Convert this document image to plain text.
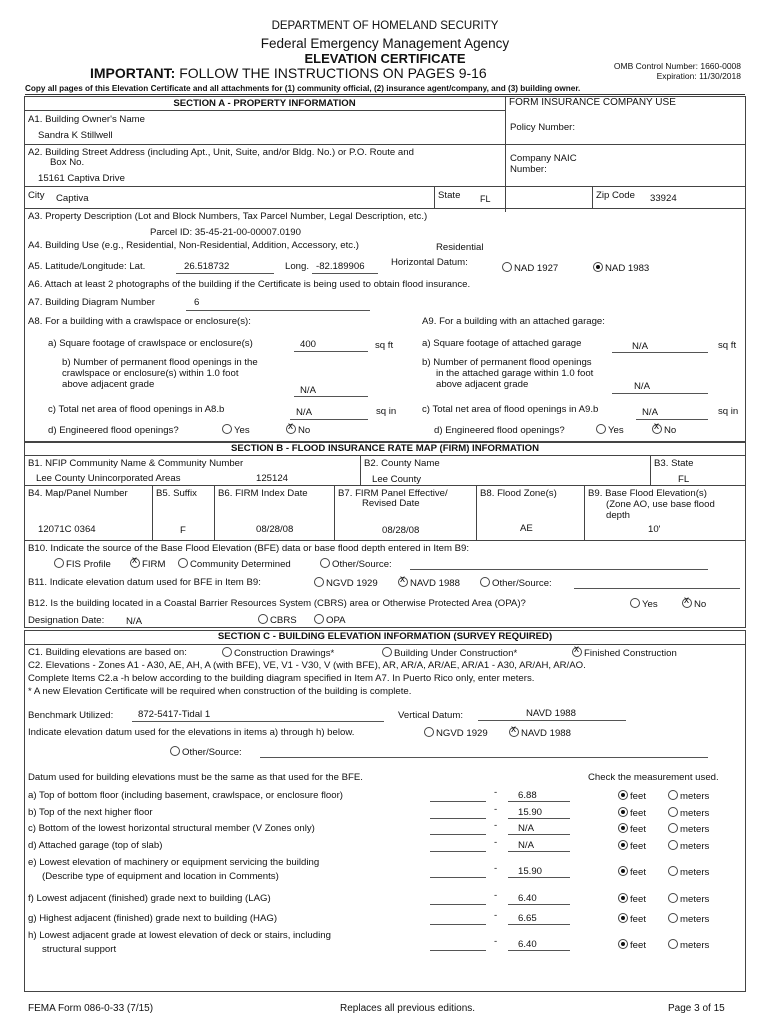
DEPARTMENT OF HOMELAND SECURITY
Federal Emergency Management Agency
ELEVATION CERTIFICATE
IMPORTANT: FOLLOW THE INSTRUCTIONS ON PAGES 9-16	OMB Control Number: 1660-0008
Expiration: 11/30/2018
Copy all pages of this Elevation Certificate and all attachments for (1) community official, (2) insurance agent/company, and (3) building owner.
SECTION A - PROPERTY INFORMATION	FORM INSURANCE COMPANY USE
A1. Building Owner's Name
Sandra K Stillwell
Policy Number:
A2. Building Street Address (including Apt., Unit, Suite, and/or Bldg. No.) or P.O. Route and
Box No.
15161 Captiva Drive
Company NAIC
Number:
City Captiva	State FL	Zip Code 33924
A3. Property Description (Lot and Block Numbers, Tax Parcel Number, Legal Description, etc.)
Parcel ID: 35-45-21-00-00007.0190
A4. Building Use (e.g., Residential, Non-Residential, Addition, Accessory, etc.)	Residential
A5. Latitude/Longitude: Lat.	26.518732	Long. -82.189906	Horizontal Datum:
NAD 1927	NAD 1983
A6. Attach at least 2 photographs of the building if the Certificate is being used to obtain flood insurance.
A7. Building Diagram Number	6
A8. For a building with a crawlspace or enclosure(s):	A9. For a building with an attached garage:
a) Square footage of crawlspace or enclosure(s)	400	sq ft
b) Number of permanent flood openings in the
crawlspace or enclosure(s) within 1.0 foot
above adjacent grade
N/A
c) Total net area of flood openings in A8.b	N/A	sq in
d) Engineered flood openings?	Yes x	No
a) Square footage of attached garage	N/A	sq ft
b) Number of permanent flood openings
in the attached garage within 1.0 foot
above adjacent grade	N/A
c) Total net area of flood openings in A9.b	N/A	sq in
d) Engineered flood openings?	Yes x	No
SECTION B - FLOOD INSURANCE RATE MAP (FIRM) INFORMATION
B1. NFIP Community Name & Community Number
Lee County Unincorporated Areas	125124
B2. County Name
Lee County
B3. State
FL
B4. Map/Panel Number
12071C 0364
B5. Suffix
F
B6. FIRM Index Date
08/28/08
B7. FIRM Panel Effective/
Revised Date
08/28/08
B8. Flood Zone(s)
AE
B9. Base Flood Elevation(s)
(Zone AO, use base flood
depth
10'
B10. Indicate the source of the Base Flood Elevation (BFE) data or base flood depth entered in Item B9:
FIS Profile x	FIRM	Community Determined	Other/Source:
B11. Indicate elevation datum used for BFE in Item B9:	NGVD 1929 x	NAVD 1988	Other/Source:
B12. Is the building located in a Coastal Barrier Resources System (CBRS) area or Otherwise Protected Area (OPA)?	Yes x	No
Designation Date: N/A	CBRS	OPA
SECTION C - BUILDING ELEVATION INFORMATION (SURVEY REQUIRED)
C1. Building elevations are based on:	Construction Drawings*	Building Under Construction* x	Finished Construction
C2. Elevations - Zones A1 - A30, AE, AH, A (with BFE), VE, V1 - V30, V (with BFE), AR, AR/A, AR/AE, AR/A1 - A30, AR/AH, AR/AO.
Complete Items C2.a -h below according to the building diagram specified in Item A7. In Puerto Rico only, enter meters.
* A new Elevation Certificate will be required when construction of the building is complete.
Benchmark Utilized:	872-5417-Tidal 1	Vertical Datum:	NAVD 1988
Indicate elevation datum used for the elevations in items a) through h) below.	NGVD 1929 x	NAVD 1988
Other/Source:
Datum used for building elevations must be the same as that used for the BFE.	Check the measurement used.
a) Top of bottom floor (including basement, crawlspace, or enclosure floor)	- 6.88	feet	meters
b) Top of the next higher floor	- 15.90	feet	meters
c) Bottom of the lowest horizontal structural member (V Zones only)	- N/A	feet	meters
d) Attached garage (top of slab)	- N/A	feet	meters
e) Lowest elevation of machinery or equipment servicing the building
(Describe type of equipment and location in Comments)
- 15.90	feet	meters
f) Lowest adjacent (finished) grade next to building (LAG)	- 6.40	feet	meters
g) Highest adjacent (finished) grade next to building (HAG)	- 6.65	feet	meters
h) Lowest adjacent grade at lowest elevation of deck or stairs, including
structural support
- 6.40	feet	meters
FEMA Form 086-0-33 (7/15)	Replaces all previous editions.	Page 3 of 15
